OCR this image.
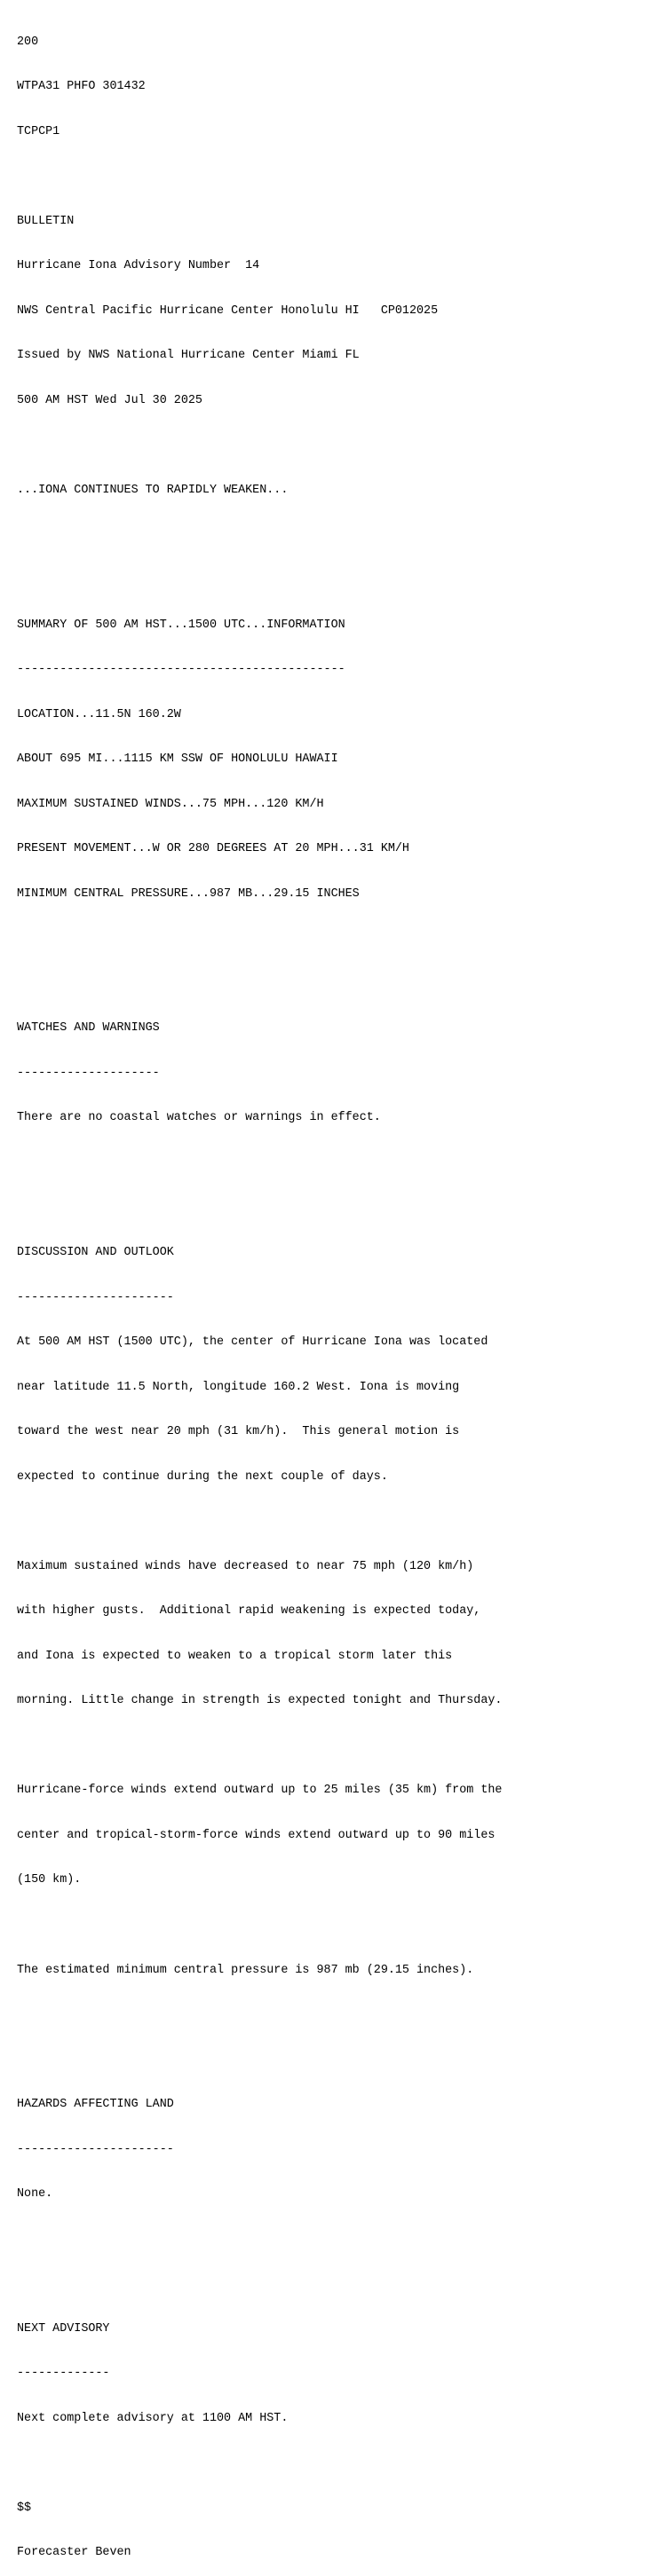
200

WTPA31 PHFO 301432

TCPCP1

BULLETIN

Hurricane Iona Advisory Number  14

NWS Central Pacific Hurricane Center Honolulu HI   CP012025

Issued by NWS National Hurricane Center Miami FL

500 AM HST Wed Jul 30 2025

...IONA CONTINUES TO RAPIDLY WEAKEN...

SUMMARY OF 500 AM HST...1500 UTC...INFORMATION

----------------------------------------------

LOCATION...11.5N 160.2W

ABOUT 695 MI...1115 KM SSW OF HONOLULU HAWAII

MAXIMUM SUSTAINED WINDS...75 MPH...120 KM/H

PRESENT MOVEMENT...W OR 280 DEGREES AT 20 MPH...31 KM/H

MINIMUM CENTRAL PRESSURE...987 MB...29.15 INCHES

WATCHES AND WARNINGS

--------------------

There are no coastal watches or warnings in effect.

DISCUSSION AND OUTLOOK

----------------------

At 500 AM HST (1500 UTC), the center of Hurricane Iona was located

near latitude 11.5 North, longitude 160.2 West. Iona is moving

toward the west near 20 mph (31 km/h).  This general motion is

expected to continue during the next couple of days.

Maximum sustained winds have decreased to near 75 mph (120 km/h)

with higher gusts.  Additional rapid weakening is expected today,

and Iona is expected to weaken to a tropical storm later this

morning. Little change in strength is expected tonight and Thursday.

Hurricane-force winds extend outward up to 25 miles (35 km) from the

center and tropical-storm-force winds extend outward up to 90 miles

(150 km).

The estimated minimum central pressure is 987 mb (29.15 inches).

HAZARDS AFFECTING LAND

----------------------

None.

NEXT ADVISORY

-------------

Next complete advisory at 1100 AM HST.

$$

Forecaster Beven
